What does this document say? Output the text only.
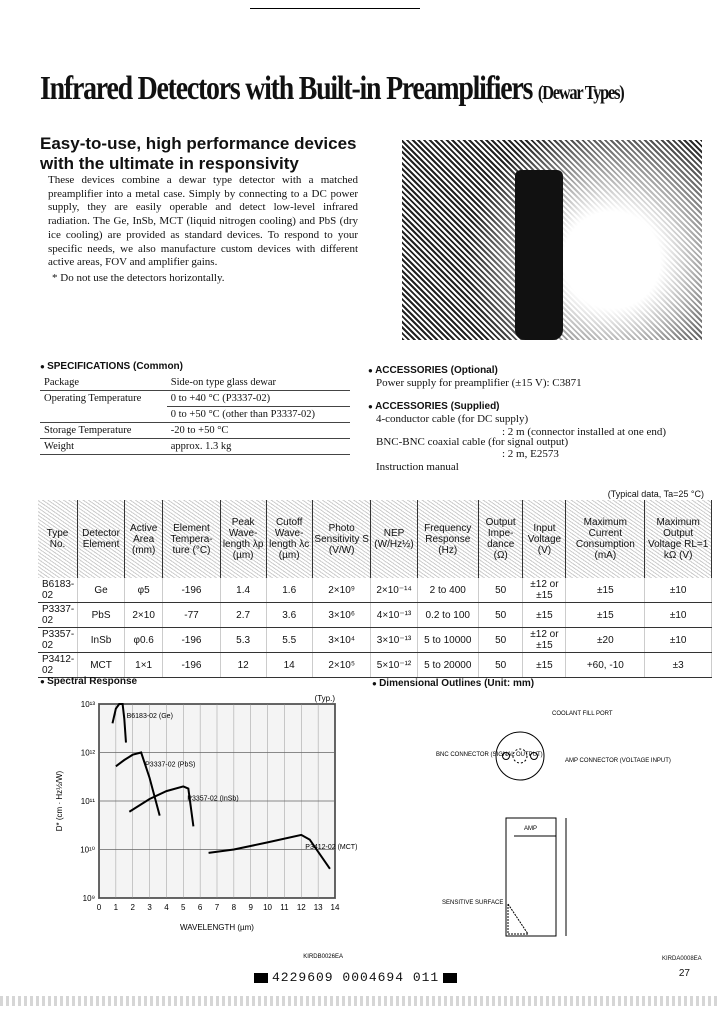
Infrared Detectors with Built-in Preamplifiers (Dewar Types)
Easy-to-use, high performance devices with the ultimate in responsivity
These devices combine a dewar type detector with a matched preamplifier into a metal case. Simply by connecting to a DC power supply, they are easily operable and detect low-level infrared radiation. The Ge, InSb, MCT (liquid nitrogen cooling) and PbS (dry ice cooling) are provided as standard devices. To respond to your specific needs, we also manufacture custom devices with different active areas, FOV and amplifier gains.
* Do not use the detectors horizontally.
● SPECIFICATIONS (Common)
Package	Side-on type glass dewar
Operating Temperature	0 to +40 °C (P3337-02)
	0 to +50 °C (other than P3337-02)
Storage Temperature	-20 to +50 °C
Weight	approx. 1.3 kg
● ACCESSORIES (Optional)
Power supply for preamplifier (±15 V): C3871
● ACCESSORIES (Supplied)
4-conductor cable (for DC supply)
: 2 m (connector installed at one end)
BNC-BNC coaxial cable (for signal output)
: 2 m, E2573
Instruction manual
(Typical data, Ta=25 °C)
Type No.	Detector Element	Active Area (mm)	Element Tempera-ture (°C)	Peak Wave-length λp (µm)	Cutoff Wave-length λc (µm)	Photo Sensitivity S (V/W)	NEP (W/Hz½)	Frequency Response (Hz)	Output Impe-dance (Ω)	Input Voltage (V)	Maximum Current Consumption (mA)	Maximum Output Voltage RL=1 kΩ (V)
B6183-02	Ge	φ5	-196	1.4	1.6	2×10⁹	2×10⁻¹⁴	2 to 400	50	±12 or ±15	±15	±10
P3337-02	PbS	2×10	-77	2.7	3.6	3×10⁶	4×10⁻¹³	0.2 to 100	50	±15	±15	±10
P3357-02	InSb	φ0.6	-196	5.3	5.5	3×10⁴	3×10⁻¹³	5 to 10000	50	±12 or ±15	±20	±10
P3412-02	MCT	1×1	-196	12	14	2×10⁵	5×10⁻¹²	5 to 20000	50	±15	+60, -10	±3
● Spectral Response
0 1 2 3 4 5 6 7 8 9 10 11 12 13 14
10⁹
10¹⁰
10¹¹
10¹²
10¹³
B6183-02 (Ge)
P3337-02 (PbS)
P3357-02 (InSb)
P3412-02 (MCT)
(Typ.)
WAVELENGTH (µm)
D* (cm · Hz½/W)
KIRDB0026EA
● Dimensional Outlines (Unit: mm)
COOLANT FILL PORT
BNC CONNECTOR (SIGNAL OUTPUT)
AMP CONNECTOR (VOLTAGE INPUT)
AMP
SENSITIVE SURFACE
KIRDA0008EA
4229609 0004694 011	27
